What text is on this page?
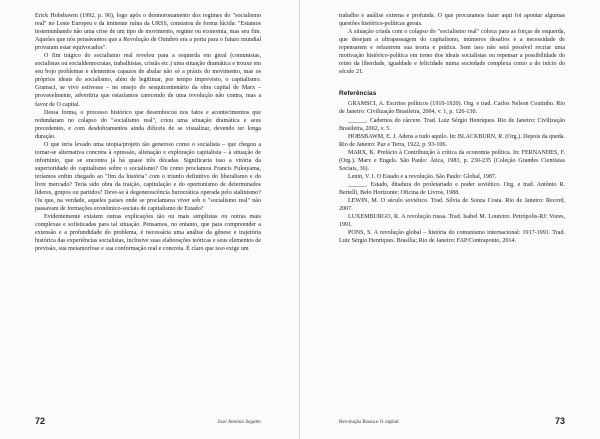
Erick Hobsbawm (1992, p. 96), logo após o desmoronamento dos regimes do "socialismo real" no Leste Europeu e da iminente ruína da URSS, constatou de forma lúcida: "Estamos testemunhando não uma crise de um tipo de movimento, regime ou economia, mas seu fim. Aqueles que nós pensávamos que a Revolução de Outubro era a porta para o futuro mundial provaram estar equivocados".

O fim trágico do socialismo real revelou para a esquerda em geral (comunistas, socialistas ou socialdemocratas, trabalhistas, cristãs etc.) uma situação dramática e trouxe em seu bojo problemas e elementos capazes de abalar não só a práxis do movimento, mas os próprios ideais do socialismo, além de legitimar, por tempo imprevisto, o capitalismo. Gramsci, se vivo estivesse – no ensejo do sesquicentenário da obra capital de Marx – provavelmente, advertiria que estaríamos carecendo de uma revolução não contra, mas a favor de O capital.

Dessa forma, o processo histórico que desembocou nos fatos e acontecimentos que redundaram no colapso do "socialismo real", criou uma situação dramática e seus precedentes, e com desdobramentos ainda difíceis de se visualizar, devendo ter longa duração.

O que teria levado uma utopia/projeto tão generoso como o socialista – que chegou a tornar-se alternativa concreta à opressão, alienação e exploração capitalista – à situação de infortúnio, que se encontra já há quase três décadas. Significaria isso a vitória da superioridade do capitalismo sobre o socialismo? Ou como proclamou Francis Fukuyama, teríamos enfim chegado ao "fim da história" com o triunfo definitivo do liberalismo e do livre mercado? Teria sido obra da traição, capitulação e do oportunismo de determinados líderes, grupos ou partidos? Deve-se à degenerescência burocrática operada pelo stalinismo? Ou que, na verdade, aqueles países onde se proclamava viver sob o "socialismo real" não passavam de formações econômico-sociais de capitalismo de Estado?

Evidentemente existem outras explicações tão ou mais simplistas ou outras mais complexas e sofisticadas para tal situação. Pensamos, no entanto, que para compreender a extensão e a profundidade do problema, é necessária uma análise da gênese e trajetória histórica das experiências socialistas, inclusive suas elaborações teóricas e seus elementos de previsão, sua metamorfose e sua conformação real e concreta. É claro que isso exige um

72	José Antonio Segatto

trabalho e análise externa e profunda. O que procuramos fazer aqui foi apontar algumas questões histórico-políticas gerais.

A situação criada com o colapso do "socialismo real" coloca para as forças de esquerda, que desejam a ultrapassagem do capitalismo, inúmeros desafios e a necessidade de repensarem e refazerem sua teoria e prática. Sem isso não será possível recriar uma motivação histórico-política em torno dos ideais socialistas ou repensar a possibilidade do reino da liberdade, igualdade e felicidade numa sociedade complexa como a do início do século 21.

Referências

GRAMSCI, A. Escritos políticos (1910-1920). Org. e trad. Carlos Nelson Coutinho. Rio de Janeiro: Civilização Brasileira, 2004, v. 1, p. 126-130.

______. Cadernos do cárcere. Trad. Luiz Sérgio Henriques. Rio de Janeiro: Civilização Brasileira, 2002, v. 5.

HOBSBAWM, E. J. Adeus a tudo aquilo. In: BLACKBURN, R. (Org.). Depois da queda. Rio de Janeiro: Paz e Terra, 1922, p. 93-106.

MARX, K. Prefácio à Contribuição à crítica da economia política. In: FERNANDES, F. (Org.). Marx e Engels. São Paulo: Ática, 1983, p. 230-235 (Coleção Grandes Cientistas Sociais, 36).

Lenin, V. I. O Estado e a revolução. São Paulo: Global, 1987.

______. Estado, ditadura do proletariado e poder soviético. Org. e trad. Antônio R. Bertelli, Belo Horizonte: Oficina de Livros, 1988.

LEWIN, M. O século soviético. Trad. Sílvia de Souza Costa. Rio de Janeiro: Record, 2007.

LUXEMBURGO, R. A revolução russa. Trad. Isabel M. Loureiro. Petrópolis-RJ: Vozes, 1991.

PONS, S. A revolução global – história do comunismo internacional: 1917-1991. Trad. Luiz Sérgio Henriques. Brasília; Rio de Janeiro: FAP/Contraponto, 2014.

Revolução Russa e O capital	73
